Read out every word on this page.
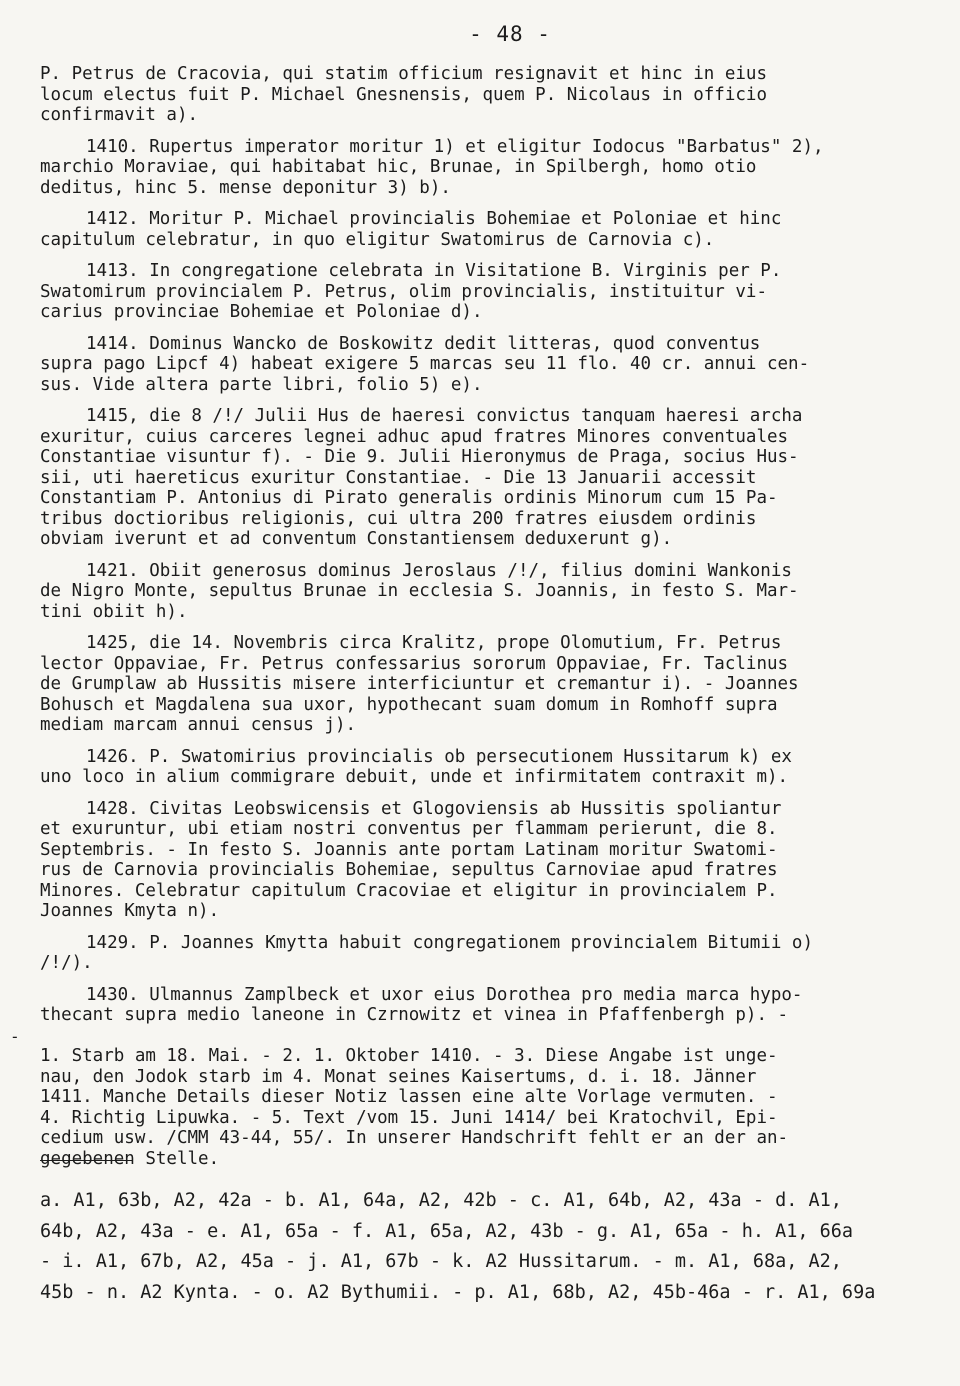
- 48 -

P. Petrus de Cracovia, qui statim officium resignavit et hinc in eius
locum electus fuit P. Michael Gnesnensis, quem P. Nicolaus in officio
confirmavit a).

1410. Rupertus imperator moritur 1) et eligitur Iodocus "Barbatus" 2),
marchio Moraviae, qui habitabat hic, Brunae, in Spilbergh, homo otio
deditus, hinc 5. mense deponitur 3) b).

1412. Moritur P. Michael provincialis Bohemiae et Poloniae et hinc
capitulum celebratur, in quo eligitur Swatomirus de Carnovia c).

1413. In congregatione celebrata in Visitatione B. Virginis per P.
Swatomirum provincialem P. Petrus, olim provincialis, instituitur vi-
carius provinciae Bohemiae et Poloniae d).

1414. Dominus Wancko de Boskowitz dedit litteras, quod conventus
supra pago Lipcf 4) habeat exigere 5 marcas seu 11 flo. 40 cr. annui cen-
sus. Vide altera parte libri, folio 5) e).

1415, die 8 /!/ Julii Hus de haeresi convictus tanquam haeresi archa
exuritur, cuius carceres legnei adhuc apud fratres Minores conventuales
Constantiae visuntur f). - Die 9. Julii Hieronymus de Praga, socius Hus-
sii, uti haereticus exuritur Constantiae. - Die 13 Januarii accessit
Constantiam P. Antonius di Pirato generalis ordinis Minorum cum 15 Pa-
tribus doctioribus religionis, cui ultra 200 fratres eiusdem ordinis
obviam iverunt et ad conventum Constantiensem deduxerunt g).

1421. Obiit generosus dominus Jeroslaus /!/, filius domini Wankonis
de Nigro Monte, sepultus Brunae in ecclesia S. Joannis, in festo S. Mar-
tini obiit h).

1425, die 14. Novembris circa Kralitz, prope Olomutium, Fr. Petrus
lector Oppaviae, Fr. Petrus confessarius sororum Oppaviae, Fr. Taclinus
de Grumplaw ab Hussitis misere interficiuntur et cremantur i). - Joannes
Bohusch et Magdalena sua uxor, hypothecant suam domum in Romhoff supra
mediam marcam annui census j).

1426. P. Swatomirius provincialis ob persecutionem Hussitarum k) ex
uno loco in alium commigrare debuit, unde et infirmitatem contraxit m).

1428. Civitas Leobswicensis et Glogoviensis ab Hussitis spoliantur
et exuruntur, ubi etiam nostri conventus per flammam perierunt, die 8.
Septembris. - In festo S. Joannis ante portam Latinam moritur Swatomi-
rus de Carnovia provincialis Bohemiae, sepultus Carnoviae apud fratres
Minores. Celebratur capitulum Cracoviae et eligitur in provincialem P.
Joannes Kmyta n).

1429. P. Joannes Kmytta habuit congregationem provincialem Bitumii o)
/!/).

1430. Ulmannus Zamplbeck et uxor eius Dorothea pro media marca hypo-
thecant supra medio laneone in Czrnowitz et vinea in Pfaffenbergh p). -

-

1. Starb am 18. Mai. - 2. 1. Oktober 1410. - 3. Diese Angabe ist unge-
nau, den Jodok starb im 4. Monat seines Kaisertums, d. i. 18. Jänner
1411. Manche Details dieser Notiz lassen eine alte Vorlage vermuten. -
4. Richtig Lipuwka. - 5. Text /vom 15. Juni 1414/ bei Kratochvil, Epi-
cedium usw. /CMM 43-44, 55/. In unserer Handschrift fehlt er an der an-
gegebenen Stelle.

a. A1, 63b, A2, 42a - b. A1, 64a, A2, 42b - c. A1, 64b, A2, 43a - d. A1,

64b, A2, 43a - e. A1, 65a - f. A1, 65a, A2, 43b - g. A1, 65a - h. A1, 66a

- i. A1, 67b, A2, 45a - j. A1, 67b - k. A2 Hussitarum. - m. A1, 68a, A2,

45b - n. A2 Kynta. - o. A2 Bythumii. - p. A1, 68b, A2, 45b-46a - r. A1, 69a
